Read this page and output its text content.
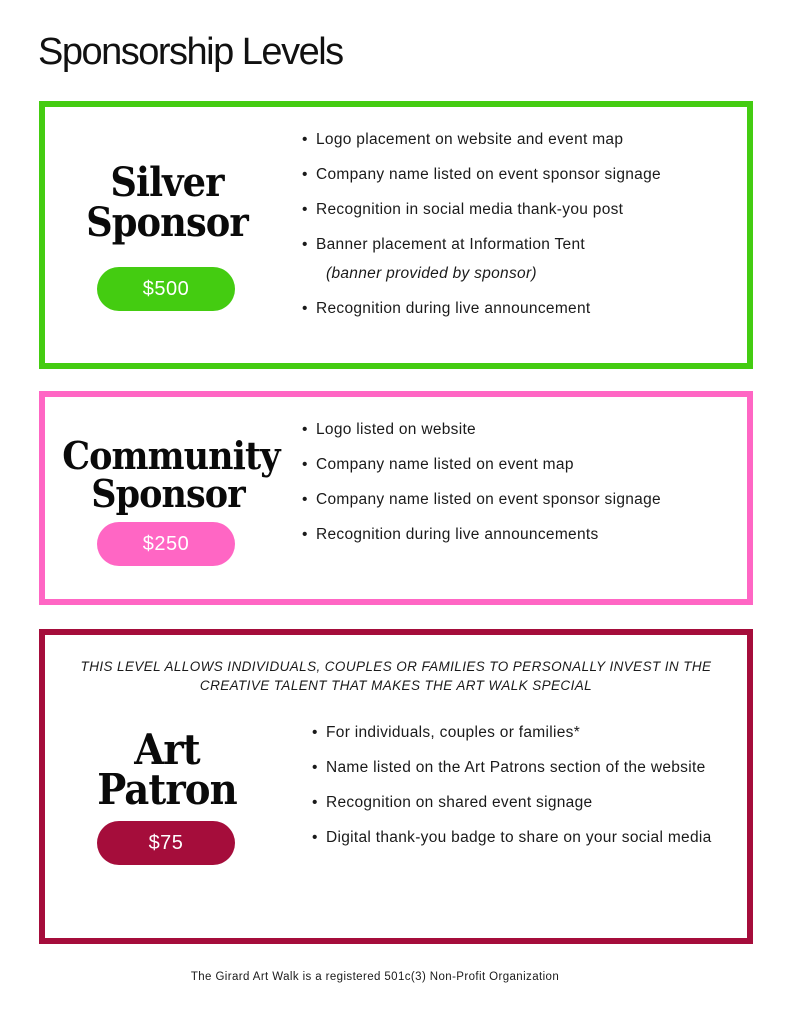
Sponsorship Levels
Silver
Sponsor
$500
• Logo placement on website and event map
• Company name listed on event sponsor signage
• Recognition in social media thank-you post
• Banner placement at Information Tent
(banner provided by sponsor)
• Recognition during live announcement
Community
Sponsor
$250
• Logo listed on website
• Company name listed on event map
• Company name listed on event sponsor signage
• Recognition during live announcements
THIS LEVEL ALLOWS INDIVIDUALS, COUPLES OR FAMILIES TO PERSONALLY INVEST IN THE CREATIVE TALENT THAT MAKES THE ART WALK SPECIAL
Art
Patron
$75
• For individuals, couples or families*
• Name listed on the Art Patrons section of the website
• Recognition on shared event signage
• Digital thank-you badge to share on your social media
The Girard Art Walk is a registered 501c(3) Non-Profit Organization
